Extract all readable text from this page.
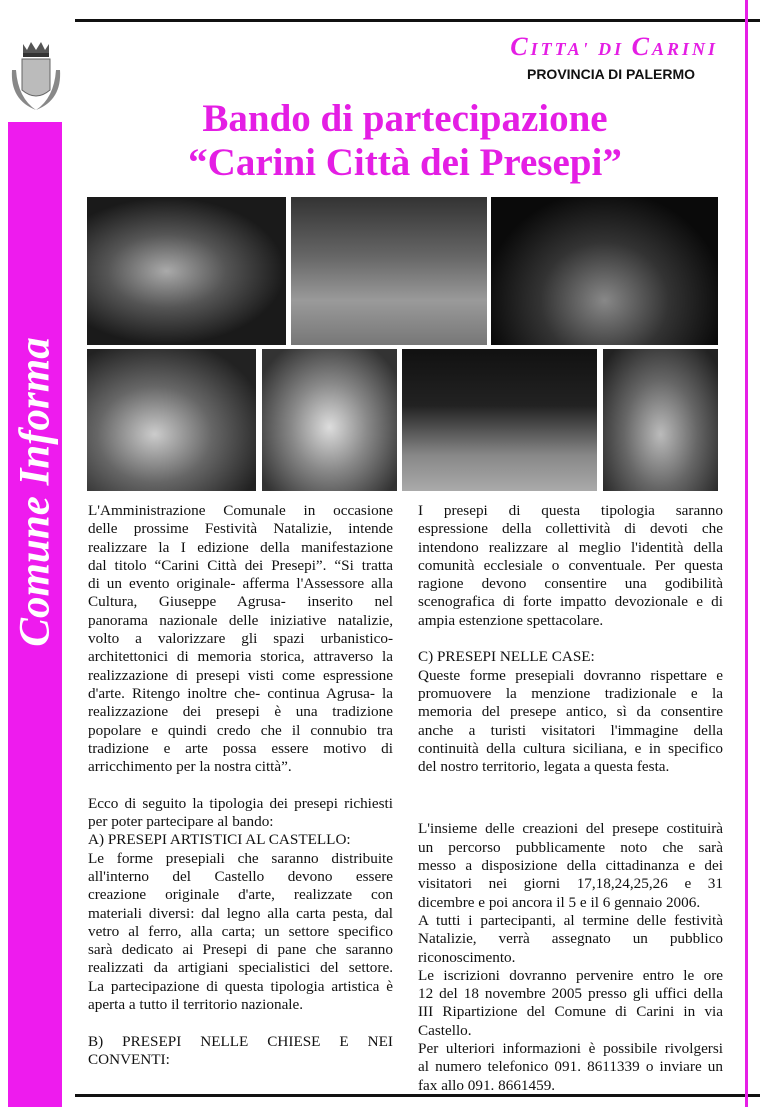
Comune Informa
CITTA' DI CARINI
PROVINCIA DI PALERMO
Bando di partecipazione
“Carini Città dei Presepi”
L'Amministrazione Comunale in occasione
delle prossime Festività Natalizie, intende
realizzare la I edizione della manifestazione
dal titolo “Carini Città dei Presepi”. “Si tratta
di un evento originale- afferma l'Assessore alla
Cultura, Giuseppe Agrusa- inserito nel
panorama nazionale delle iniziative natalizie,
volto a valorizzare gli spazi urbanistico-
architettonici di memoria storica, attraverso la
realizzazione di presepi visti come espressione
d'arte. Ritengo inoltre che- continua Agrusa- la
realizzazione dei presepi è una tradizione
popolare e quindi credo che il connubio tra
tradizione e arte possa essere motivo di
arricchimento per la nostra città”.
Ecco di seguito la tipologia dei presepi richiesti
per poter partecipare al bando:
A) PRESEPI ARTISTICI AL CASTELLO:
Le forme presepiali che saranno distribuite
all'interno del Castello devono essere
creazione originale d'arte, realizzate con
materiali diversi: dal legno alla carta pesta, dal
vetro al ferro, alla carta; un settore specifico
sarà dedicato ai Presepi di pane che saranno
realizzati da artigiani specialistici del settore.
La partecipazione di questa tipologia artistica è
aperta a tutto il territorio nazionale.
B) PRESEPI NELLE CHIESE E NEI
CONVENTI:
I presepi di questa tipologia saranno
espressione della collettività di devoti che
intendono realizzare al meglio l'identità della
comunità ecclesiale o conventuale. Per questa
ragione devono consentire una godibilità
scenografica di forte impatto devozionale e di
ampia estenzione spettacolare.
C) PRESEPI NELLE CASE:
Queste forme presepiali dovranno rispettare e
promuovere la menzione tradizionale e la
memoria del presepe antico, sì da consentire
anche a turisti visitatori l'immagine della
continuità della cultura siciliana, e in specifico
del nostro territorio, legata a questa festa.
L'insieme delle creazioni del presepe costituirà
un percorso pubblicamente noto che sarà
messo a disposizione della cittadinanza e dei
visitatori nei giorni 17,18,24,25,26 e 31
dicembre e poi ancora il 5 e il 6 gennaio 2006.
A tutti i partecipanti, al termine delle festività
Natalizie, verrà assegnato un pubblico
riconoscimento.
Le iscrizioni dovranno pervenire entro le ore
12 del 18 novembre 2005 presso gli uffici della
III Ripartizione del Comune di Carini in via
Castello.
Per ulteriori informazioni è possibile rivolgersi
al numero telefonico 091. 8611339 o inviare un
fax allo 091. 8661459.
